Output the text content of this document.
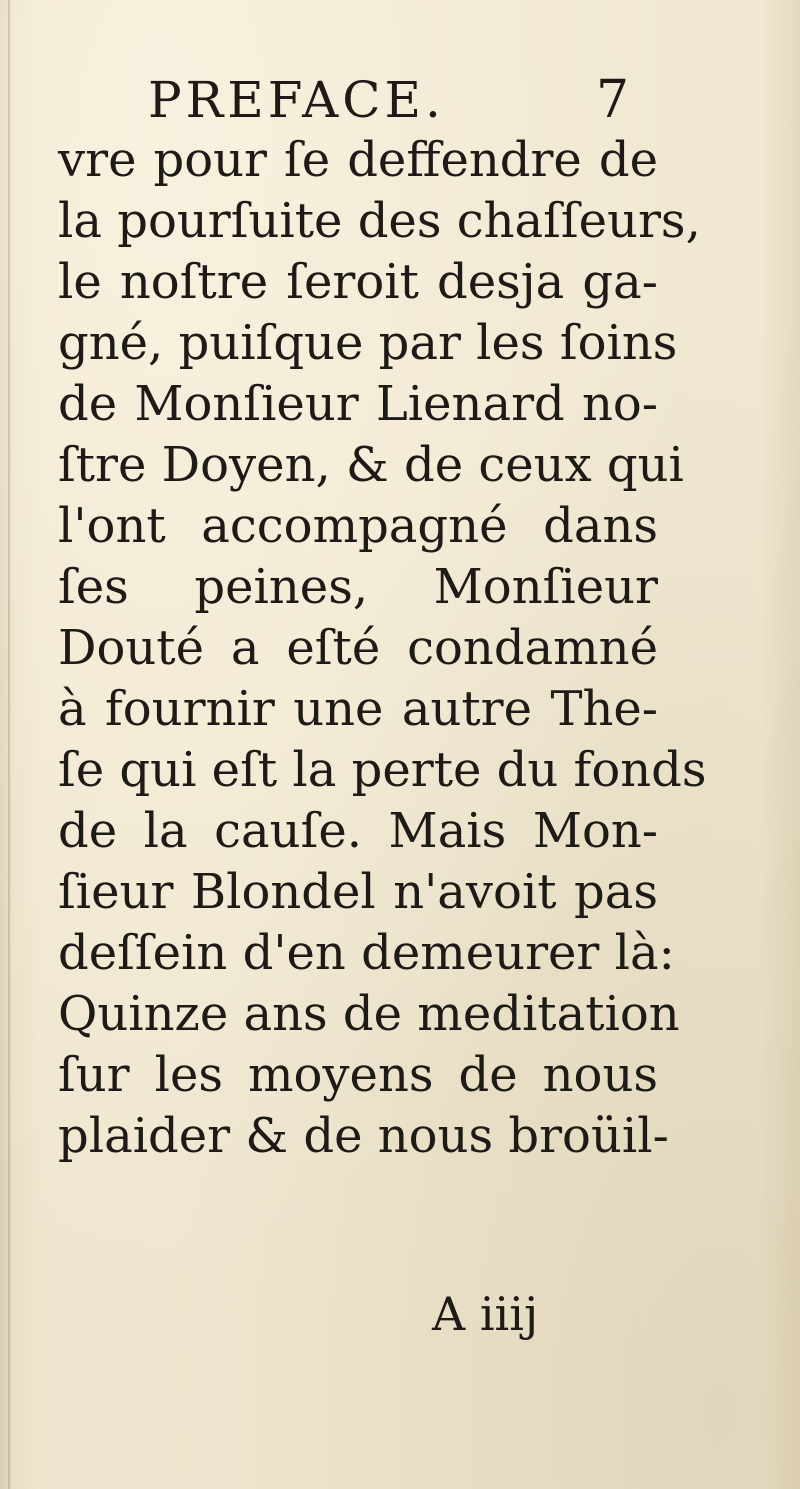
PREFACE.	7
vre pour ſe deffendre de
la pourſuite des chaſſeurs,
le noſtre ſeroit desja ga-
gné, puiſque par les ſoins
de Monſieur Lienard no-
ſtre Doyen, & de ceux qui
l'ont accompagné dans
ſes peines, Monſieur
Douté a eſté condamné
à fournir une autre The-
ſe qui eſt la perte du fonds
de la cauſe. Mais Mon-
ſieur Blondel n'avoit pas
deſſein d'en demeurer là:
Quinze ans de meditation
ſur les moyens de nous
plaider & de nous broüil-
A iiij
